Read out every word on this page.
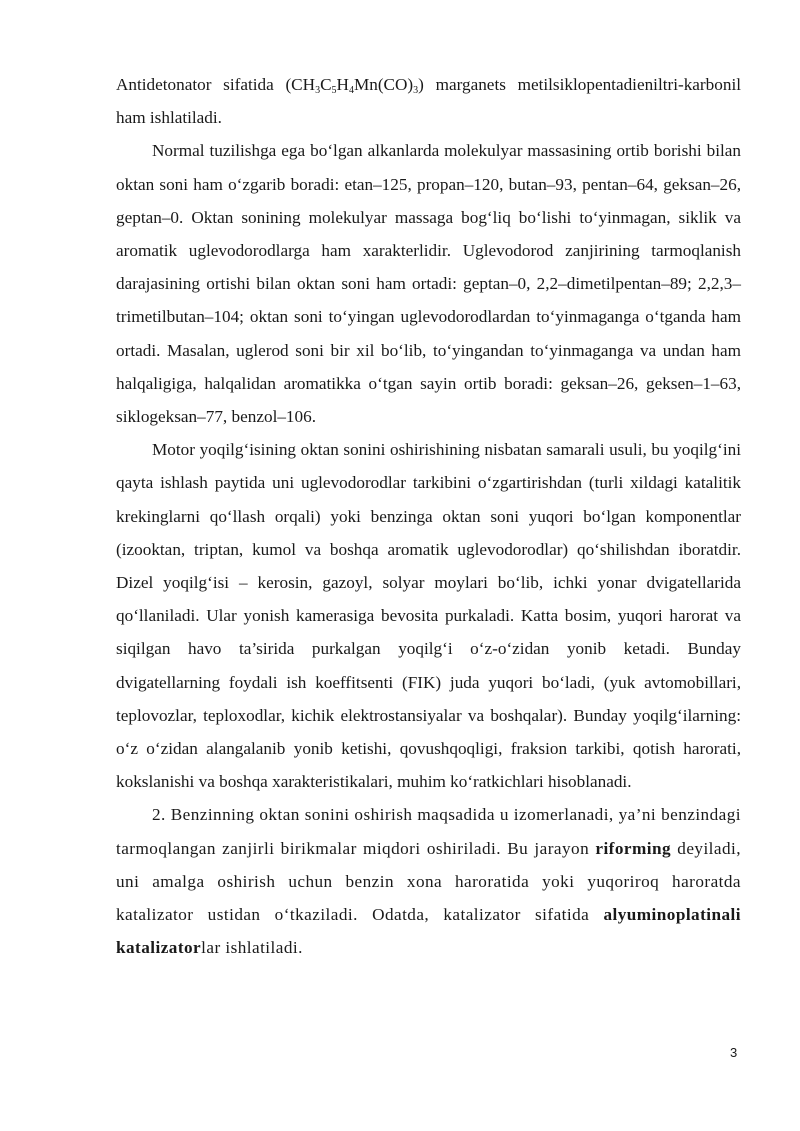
Antidetonator sifatida $(CH_3C_5H_4Mn(CO)_3)$ marganets metilsiklopentadieniltri-karbonil ham ishlatiladi.

Normal tuzilishga ega bo‘lgan alkanlarda molekulyar massasining ortib borishi bilan oktan soni ham o‘zgarib boradi: etan–125, propan–120, butan–93, pentan–64, geksan–26, geptan–0. Oktan sonining molekulyar massaga bog‘liq bo‘lishi to‘yinmagan, siklik va aromatik uglevodorodlarga ham xarakterlidir. Uglevodorod zanjirining tarmoqlanish darajasining ortishi bilan oktan soni ham ortadi: geptan–0, 2,2–dimetilpentan–89; 2,2,3–trimetilbutan–104; oktan soni to‘yingan uglevodorodlardan to‘yinmaganga o‘tganda ham ortadi. Masalan, uglerod soni bir xil bo‘lib, to‘yingandan to‘yinmaganga va undan ham halqaligiga, halqalidan aromatikka o‘tgan sayin ortib boradi: geksan–26, geksen–1–63, siklogeksan–77, benzol–106.

Motor yoqilg‘isining oktan sonini oshirishining nisbatan samarali usuli, bu yoqilg‘ini qayta ishlash paytida uni uglevodorodlar tarkibini o‘zgartirishdan (turli xildagi katalitik krekinglarni qo‘llash orqali) yoki benzinga oktan soni yuqori bo‘lgan komponentlar (izooktan, triptan, kumol va boshqa aromatik uglevodorodlar) qo‘shilishdan iboratdir. Dizel yoqilg‘isi – kerosin, gazoyl, solyar moylari bo‘lib, ichki yonar dvigatellarida qo‘llaniladi. Ular yonish kamerasiga bevosita purkaladi. Katta bosim, yuqori harorat va siqilgan havo ta’sirida purkalgan yoqilg‘i o‘z-o‘zidan yonib ketadi. Bunday dvigatellarning foydali ish koeffitsenti (FIK) juda yuqori bo‘ladi, (yuk avtomobillari, teplovozlar, teploxodlar, kichik elektrostansiyalar va boshqalar). Bunday yoqilg‘ilarning: o‘z o‘zidan alangalanib yonib ketishi, qovushqoqligi, fraksion tarkibi, qotish harorati, kokslanishi va boshqa xarakteristikalari, muhim ko‘ratkichlari hisoblanadi.

2. Benzinning oktan sonini oshirish maqsadida u izomerlanadi, ya’ni benzindagi tarmoqlangan zanjirli birikmalar miqdori oshiriladi. Bu jarayon riforming deyiladi, uni amalga oshirish uchun benzin xona haroratida yoki yuqoriroq haroratda katalizator ustidan o‘tkaziladi. Odatda, katalizator sifatida alyuminoplatinali katalizatorlar ishlatiladi.

3
